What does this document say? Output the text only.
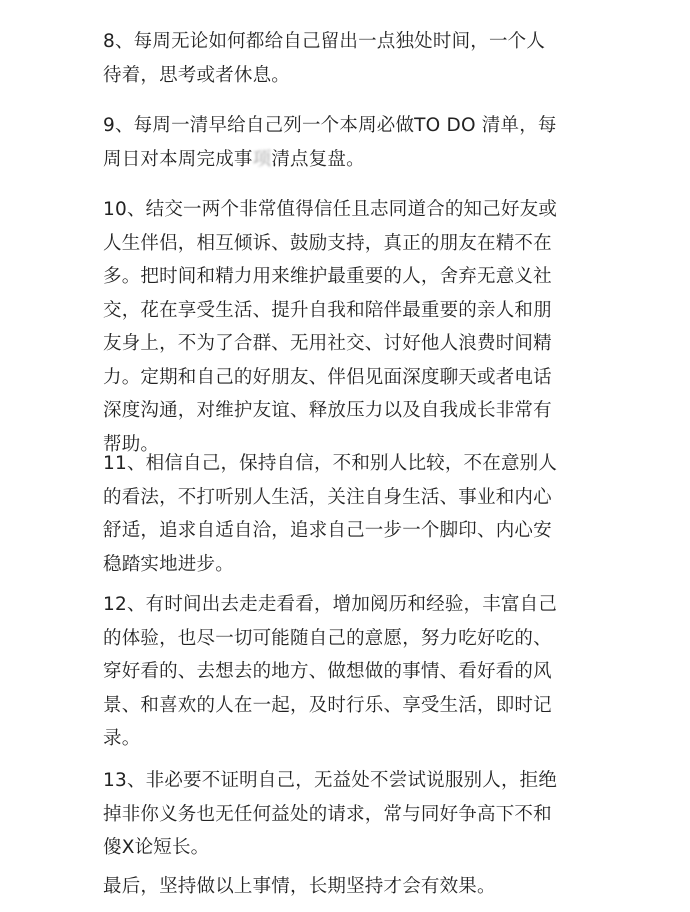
8、每周无论如何都给自己留出一点独处时间，一个人
待着，思考或者休息。

9、每周一清早给自己列一个本周必做TO DO 清单，每
周日对本周完成事项清点复盘。

10、结交一两个非常值得信任且志同道合的知己好友或
人生伴侣，相互倾诉、鼓励支持，真正的朋友在精不在
多。把时间和精力用来维护最重要的人，舍弃无意义社
交，花在享受生活、提升自我和陪伴最重要的亲人和朋
友身上，不为了合群、无用社交、讨好他人浪费时间精
力。定期和自己的好朋友、伴侣见面深度聊天或者电话
深度沟通，对维护友谊、释放压力以及自我成长非常有
帮助。

11、相信自己，保持自信，不和别人比较，不在意别人
的看法，不打听别人生活，关注自身生活、事业和内心
舒适，追求自适自洽，追求自己一步一个脚印、内心安
稳踏实地进步。

12、有时间出去走走看看，增加阅历和经验，丰富自己
的体验，也尽一切可能随自己的意愿，努力吃好吃的、
穿好看的、去想去的地方、做想做的事情、看好看的风
景、和喜欢的人在一起，及时行乐、享受生活，即时记
录。

13、非必要不证明自己，无益处不尝试说服别人，拒绝
掉非你义务也无任何益处的请求，常与同好争高下不和
傻X论短长。

最后，坚持做以上事情，长期坚持才会有效果。
